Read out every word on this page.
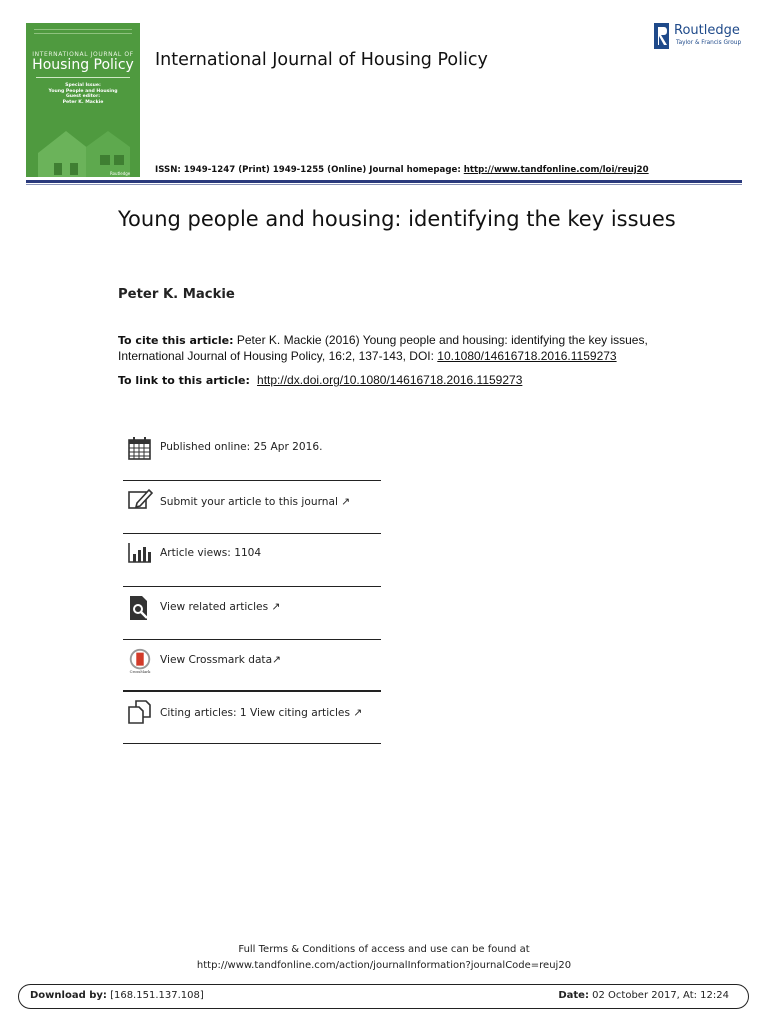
INTERNATIONAL JOURNAL OF
Housing Policy
Special Issue:
Young People and Housing
Guest editor:
Peter K. Mackie
Routledge
International Journal of Housing Policy
ISSN: 1949-1247 (Print) 1949-1255 (Online) Journal homepage: http://www.tandfonline.com/loi/reuj20
Routledge
Taylor & Francis Group
Young people and housing: identifying the key issues
Peter K. Mackie
To cite this article: Peter K. Mackie (2016) Young people and housing: identifying the key issues, International Journal of Housing Policy, 16:2, 137-143, DOI: 10.1080/14616718.2016.1159273
To link to this article:  http://dx.doi.org/10.1080/14616718.2016.1159273
Published online: 25 Apr 2016.
Submit your article to this journal ↗︎
Article views: 1104
View related articles ↗︎
CrossMark
View Crossmark data↗︎
Citing articles: 1 View citing articles ↗︎
Full Terms & Conditions of access and use can be found at
http://www.tandfonline.com/action/journalInformation?journalCode=reuj20
Download by: [168.151.137.108]	Date: 02 October 2017, At: 12:24
